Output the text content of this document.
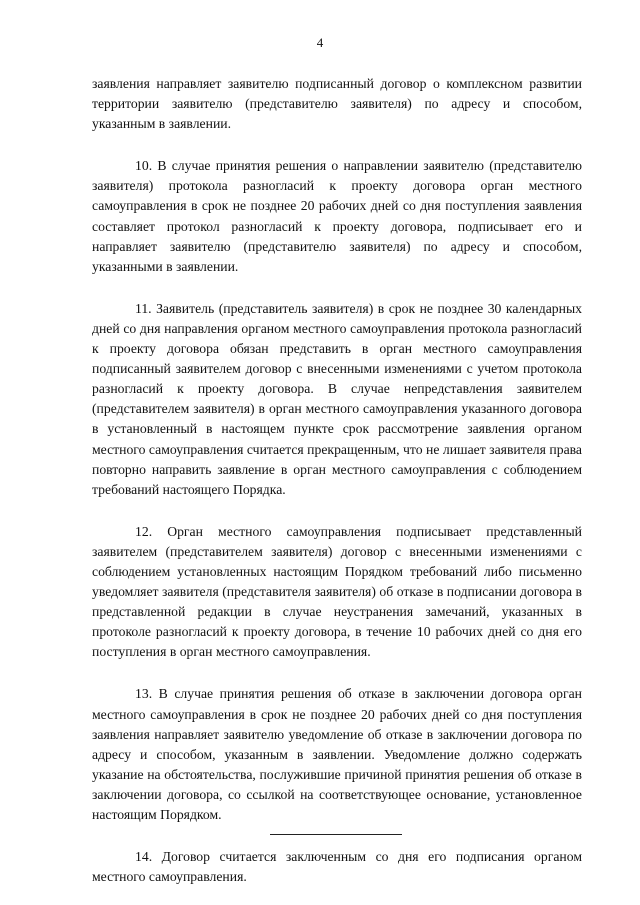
4

заявления направляет заявителю подписанный договор о комплексном развитии территории заявителю (представителю заявителя) по адресу и способом, указанным в заявлении.

10. В случае принятия решения о направлении заявителю (представителю заявителя) протокола разногласий к проекту договора орган местного самоуправления в срок не позднее 20 рабочих дней со дня поступления заявления составляет протокол разногласий к проекту договора, подписывает его и направляет заявителю (представителю заявителя) по адресу и способом, указанными в заявлении.

11. Заявитель (представитель заявителя) в срок не позднее 30 календарных дней со дня направления органом местного самоуправления протокола разногласий к проекту договора обязан представить в орган местного самоуправления подписанный заявителем договор с внесенными изменениями с учетом протокола разногласий к проекту договора. В случае непредставления заявителем (представителем заявителя) в орган местного самоуправления указанного договора в установленный в настоящем пункте срок рассмотрение заявления органом местного самоуправления считается прекращенным, что не лишает заявителя права повторно направить заявление в орган местного самоуправления с соблюдением требований настоящего Порядка.

12. Орган местного самоуправления подписывает представленный заявителем (представителем заявителя) договор с внесенными изменениями с соблюдением установленных настоящим Порядком требований либо письменно уведомляет заявителя (представителя заявителя) об отказе в подписании договора в представленной редакции в случае неустранения замечаний, указанных в протоколе разногласий к проекту договора, в течение 10 рабочих дней со дня его поступления в орган местного самоуправления.

13. В случае принятия решения об отказе в заключении договора орган местного самоуправления в срок не позднее 20 рабочих дней со дня поступления заявления направляет заявителю уведомление об отказе в заключении договора по адресу и способом, указанным в заявлении. Уведомление должно содержать указание на обстоятельства, послужившие причиной принятия решения об отказе в заключении договора, со ссылкой на соответствующее основание, установленное настоящим Порядком.

14. Договор считается заключенным со дня его подписания органом местного самоуправления.
